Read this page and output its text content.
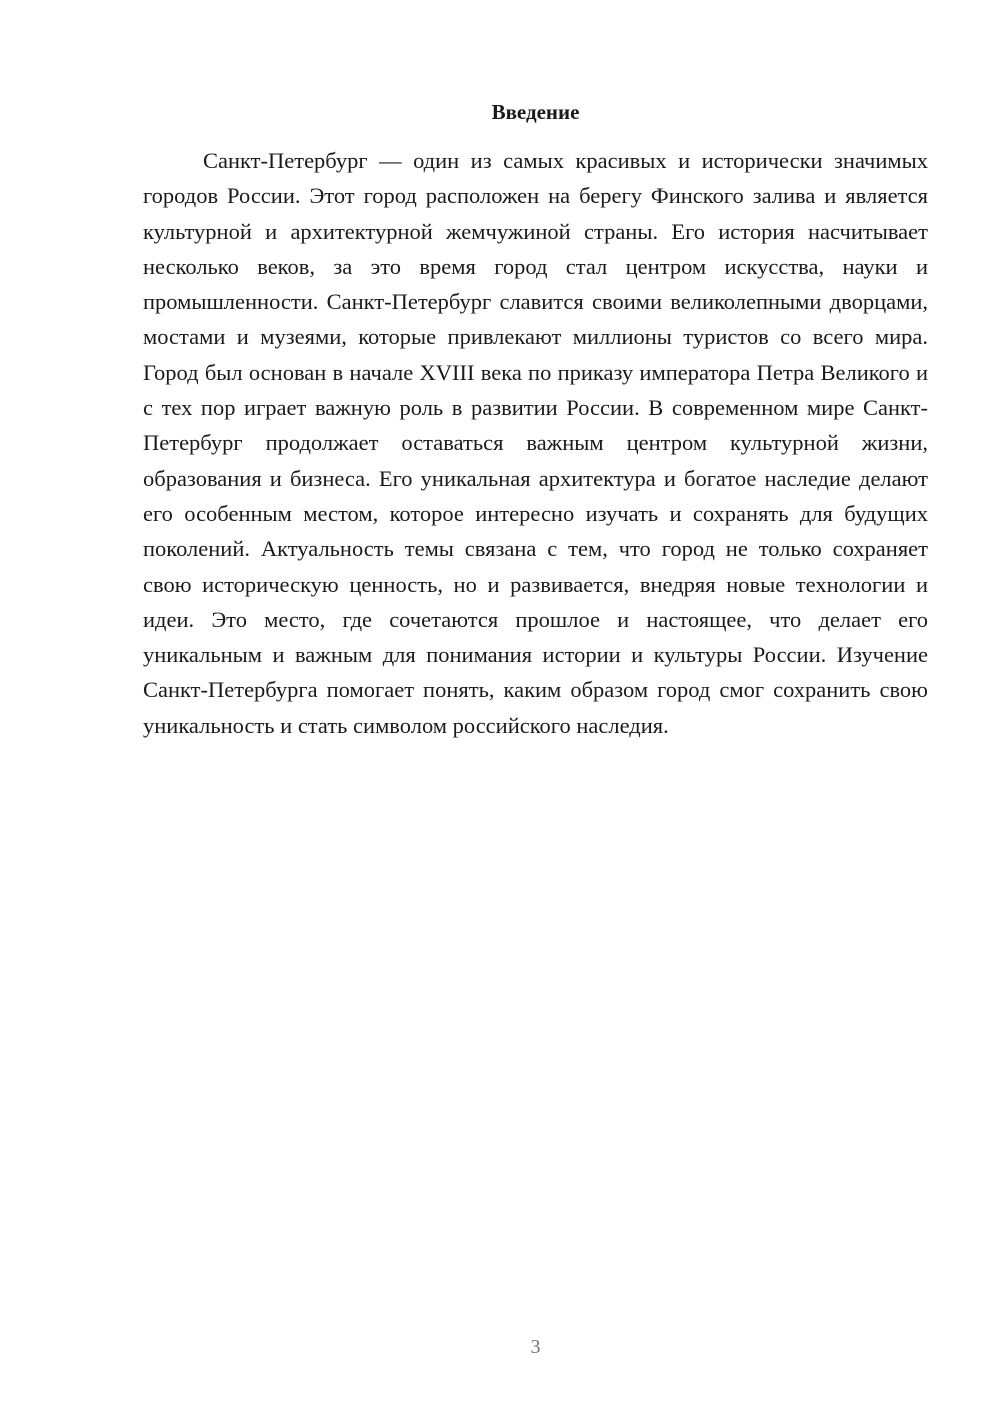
Введение

Санкт-Петербург — один из самых красивых и исторически значимых городов России. Этот город расположен на берегу Финского залива и является культурной и архитектурной жемчужиной страны. Его история насчитывает несколько веков, за это время город стал центром искусства, науки и промышленности. Санкт-Петербург славится своими великолепными дворцами, мостами и музеями, которые привлекают миллионы туристов со всего мира. Город был основан в начале XVIII века по приказу императора Петра Великого и с тех пор играет важную роль в развитии России. В современном мире Санкт-Петербург продолжает оставаться важным центром культурной жизни, образования и бизнеса. Его уникальная архитектура и богатое наследие делают его особенным местом, которое интересно изучать и сохранять для будущих поколений. Актуальность темы связана с тем, что город не только сохраняет свою историческую ценность, но и развивается, внедряя новые технологии и идеи. Это место, где сочетаются прошлое и настоящее, что делает его уникальным и важным для понимания истории и культуры России. Изучение Санкт-Петербурга помогает понять, каким образом город смог сохранить свою уникальность и стать символом российского наследия.

3
